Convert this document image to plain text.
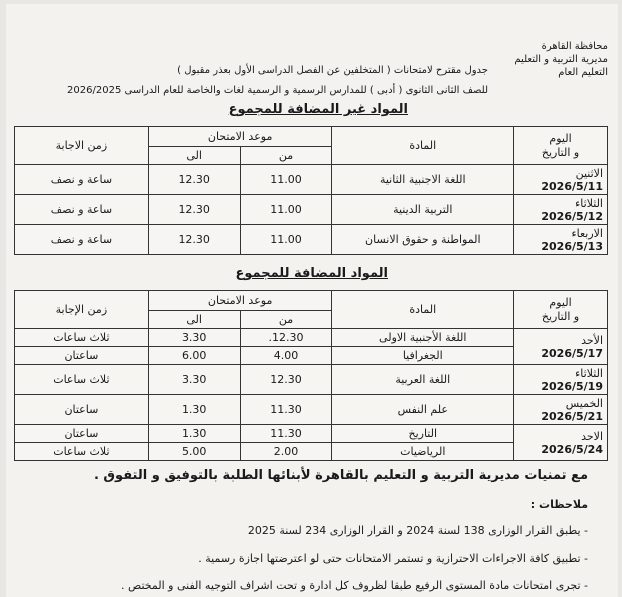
محافظة القاهرة
مديرية التربية و التعليم
التعليم العام
جدول مقترح لامتحانات ( المتخلفين عن الفصل الدراسى الأول بعذر مقبول )
للصف الثانى الثانوى ( أدبى ) للمدارس الرسمية و الرسمية لغات والخاصة للعام الدراسى 2026/2025
المواد غير المضافة للمجموع
اليوم
و التاريخ	المادة	موعد الامتحان		زمن الاجابة
		من	الى	

الاثنين
2026/5/11	اللغة الاجنبية الثانية	11.00	12.30	ساعة و نصف

الثلاثاء
2026/5/12	التربية الدينية	11.00	12.30	ساعة و نصف

الاربعاء
2026/5/13	المواطنة و حقوق الانسان	11.00	12.30	ساعة و نصف
المواد المضافة للمجموع
اليوم
و التاريخ	المادة	موعد الامتحان		زمن الإجابة
		من	الى	

الأحد
2026/5/17	اللغة الأجنبية الاولى	12.30.	3.30	ثلاث ساعات
	الجغرافيا	4.00	6.00	ساعتان

الثلاثاء
2026/5/19	اللغة العربية	12.30	3.30	ثلاث ساعات

الخميس
2026/5/21	علم النفس	11.30	1.30	ساعتان

الاحد
2026/5/24	التاريخ	11.30	1.30	ساعتان
	الرياضيات	2.00	5.00	ثلاث ساعات
مع تمنيات مديرية التربية و التعليم بالقاهرة لأبنائها الطلبة بالتوفيق و التفوق .
ملاحظات :
- يطبق القرار الوزارى 138 لسنة 2024 و القرار الوزارى 234 لسنة 2025
- تطبيق كافة الاجراءات الاحترازية و تستمر الامتحانات حتى لو اعترضتها اجازة رسمية .
- تجرى امتحانات مادة المستوى الرفيع طبقا لظروف كل ادارة و تحت اشراف التوجيه الفنى و المختص .
